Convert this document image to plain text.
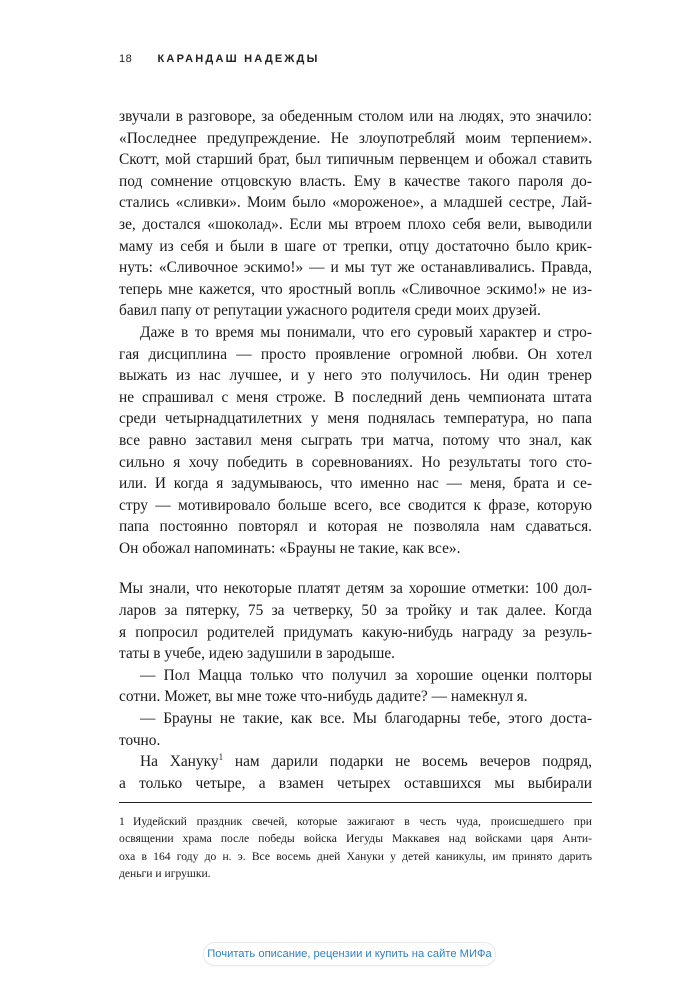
18 КАРАНДАШ НАДЕЖДЫ
звучали в разговоре, за обеденным столом или на людях, это значило:
«Последнее предупреждение. Не злоупотребляй моим терпением».
Скотт, мой старший брат, был типичным первенцем и обожал ставить
под сомнение отцовскую власть. Ему в качестве такого пароля до-
стались «сливки». Моим было «мороженое», а младшей сестре, Лай-
зе, достался «шоколад». Если мы втроем плохо себя вели, выводили
маму из себя и были в шаге от трепки, отцу достаточно было крик-
нуть: «Сливочное эскимо!» — и мы тут же останавливались. Правда,
теперь мне кажется, что яростный вопль «Сливочное эскимо!» не из-
бавил папу от репутации ужасного родителя среди моих друзей.
Даже в то время мы понимали, что его суровый характер и стро-
гая дисциплина — просто проявление огромной любви. Он хотел
выжать из нас лучшее, и у него это получилось. Ни один тренер
не спрашивал с меня строже. В последний день чемпионата штата
среди четырнадцатилетних у меня поднялась температура, но папа
все равно заставил меня сыграть три матча, потому что знал, как
сильно я хочу победить в соревнованиях. Но результаты того сто-
или. И когда я задумываюсь, что именно нас — меня, брата и се-
стру — мотивировало больше всего, все сводится к фразе, которую
папа постоянно повторял и которая не позволяла нам сдаваться.
Он обожал напоминать: «Брауны не такие, как все».
Мы знали, что некоторые платят детям за хорошие отметки: 100 дол-
ларов за пятерку, 75 за четверку, 50 за тройку и так далее. Когда
я попросил родителей придумать какую-нибудь награду за резуль-
таты в учебе, идею задушили в зародыше.
— Пол Мацца только что получил за хорошие оценки полторы
сотни. Может, вы мне тоже что-нибудь дадите? — намекнул я.
— Брауны не такие, как все. Мы благодарны тебе, этого доста-
точно.
На Хануку$^1$ нам дарили подарки не восемь вечеров подряд,
а только четыре, а взамен четырех оставшихся мы выбирали
1 Иудейский праздник свечей, которые зажигают в честь чуда, происшедшего при
освящении храма после победы войска Иегуды Маккавея над войсками царя Анти-
оха в 164 году до н. э. Все восемь дней Хануки у детей каникулы, им принято дарить
деньги и игрушки.
Почитать описание, рецензии и купить на сайте МИФа
